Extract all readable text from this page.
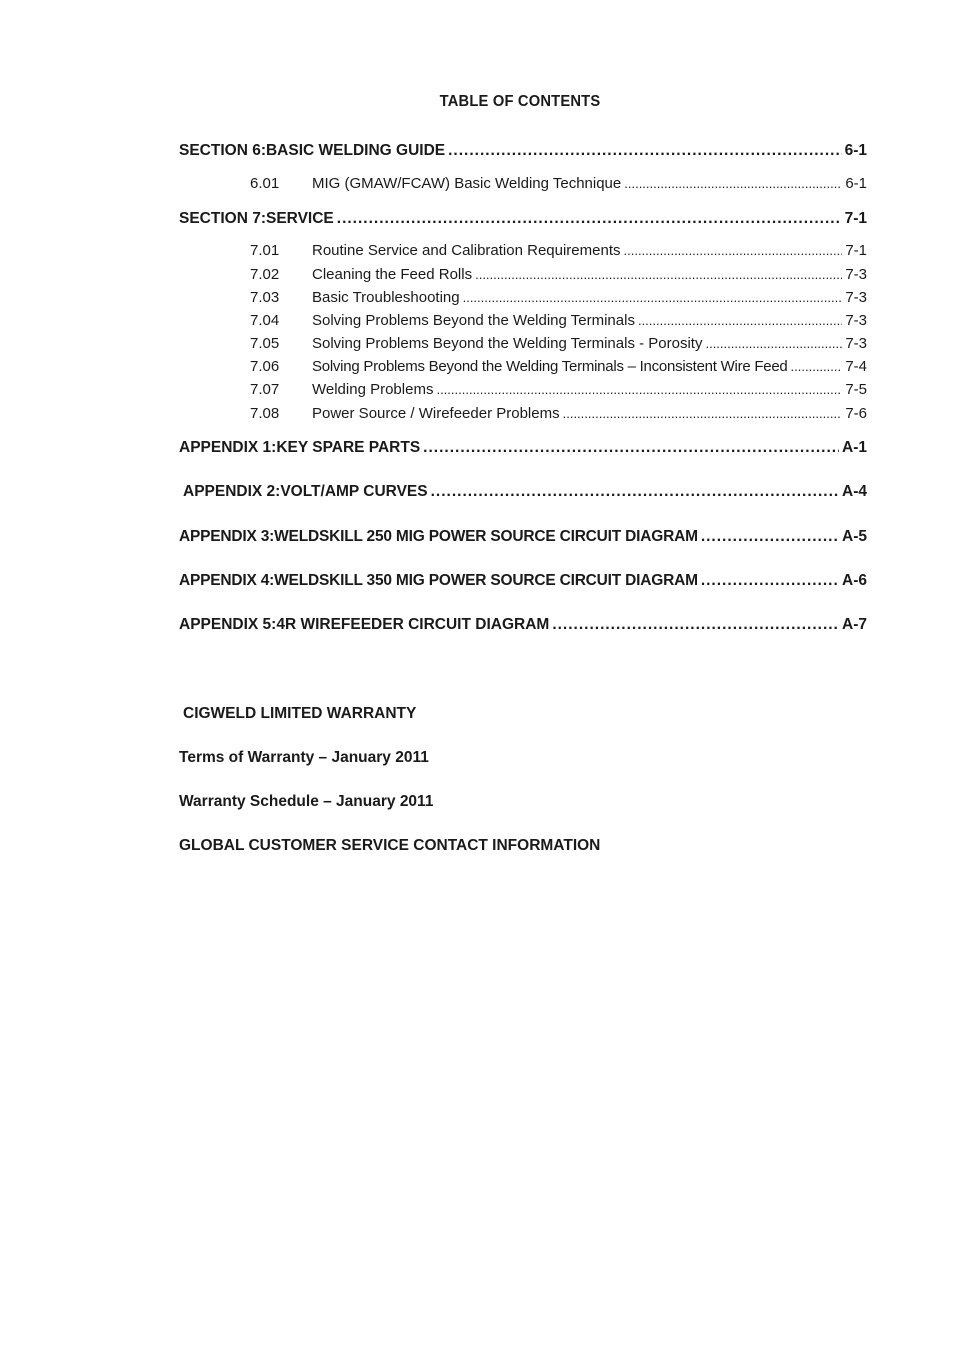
TABLE OF CONTENTS
SECTION 6:BASIC WELDING GUIDE .....	6-1
6.01	MIG (GMAW/FCAW) Basic Welding Technique .....	6-1
SECTION 7:SERVICE .....	7-1
7.01	Routine Service and Calibration Requirements .....	7-1
7.02	Cleaning the Feed Rolls .....	7-3
7.03	Basic Troubleshooting .....	7-3
7.04	Solving Problems Beyond the Welding Terminals .....	7-3
7.05	Solving Problems Beyond the Welding Terminals - Porosity .....	7-3
7.06	Solving Problems Beyond the Welding Terminals – Inconsistent Wire Feed .....	7-4
7.07	Welding Problems .....	7-5
7.08	Power Source / Wirefeeder Problems .....	7-6
APPENDIX 1:KEY SPARE PARTS .....	A-1
APPENDIX 2:VOLT/AMP CURVES .....	A-4
APPENDIX 3:WELDSKILL 250 MIG POWER SOURCE CIRCUIT DIAGRAM .....	A-5
APPENDIX 4:WELDSKILL 350 MIG POWER SOURCE CIRCUIT DIAGRAM .....	A-6
APPENDIX 5:4R WIREFEEDER CIRCUIT DIAGRAM .....	A-7
CIGWELD LIMITED WARRANTY
Terms of Warranty – January 2011
Warranty Schedule – January 2011
GLOBAL CUSTOMER SERVICE CONTACT INFORMATION
